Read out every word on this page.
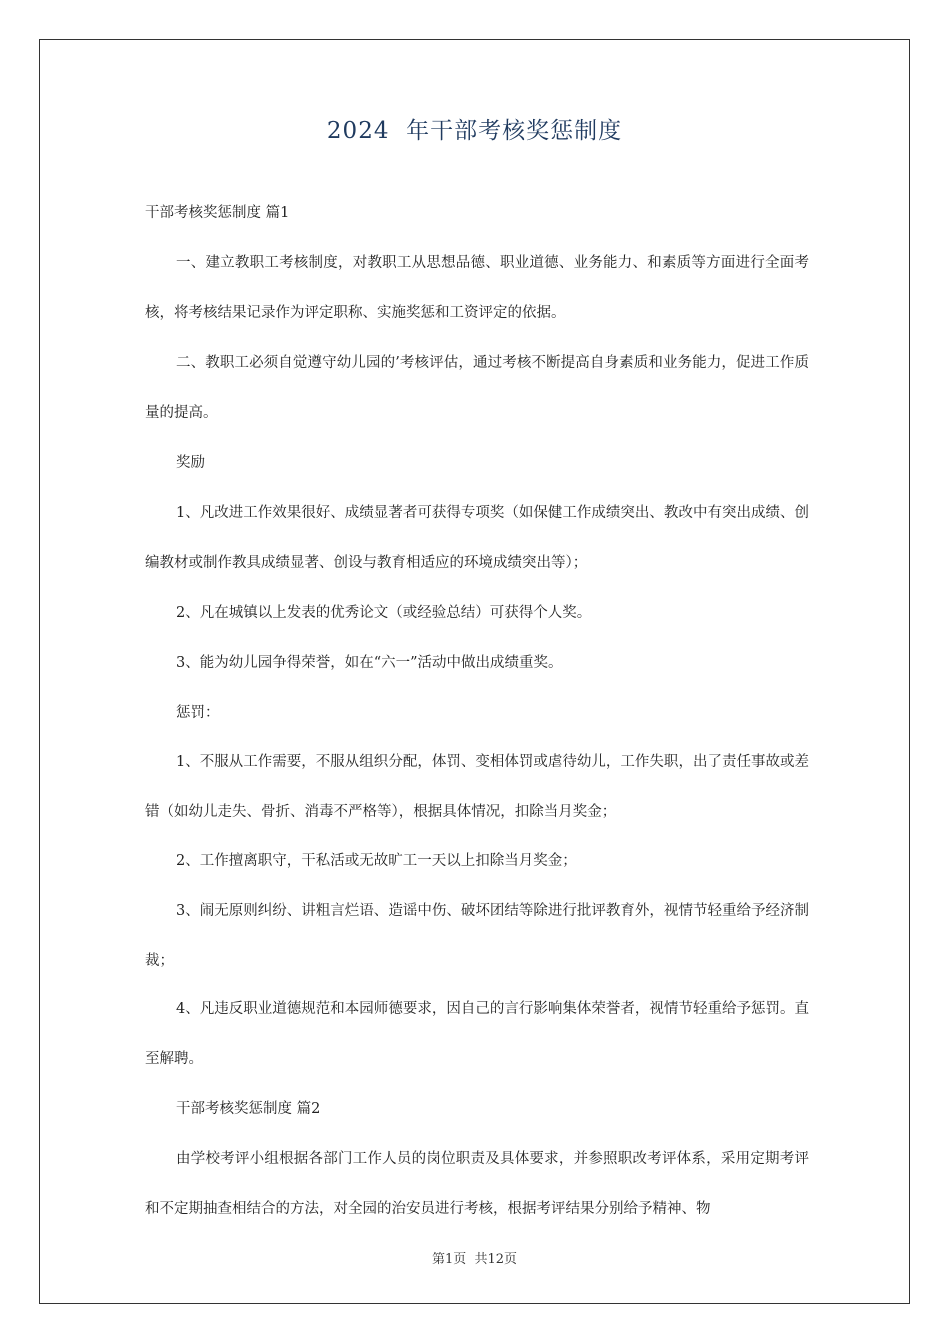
2024  年干部考核奖惩制度

干部考核奖惩制度 篇1

一、建立教职工考核制度，对教职工从思想品德、职业道德、业务能力、和素质等方面进行全面考核，将考核结果记录作为评定职称、实施奖惩和工资评定的依据。

二、教职工必须自觉遵守幼儿园的’考核评估，通过考核不断提高自身素质和业务能力，促进工作质量的提高。

奖励

1、凡改进工作效果很好、成绩显著者可获得专项奖（如保健工作成绩突出、教改中有突出成绩、创编教材或制作教具成绩显著、创设与教育相适应的环境成绩突出等）；

2、凡在城镇以上发表的优秀论文（或经验总结）可获得个人奖。

3、能为幼儿园争得荣誉，如在“六一”活动中做出成绩重奖。

惩罚：

1、不服从工作需要，不服从组织分配，体罚、变相体罚或虐待幼儿，工作失职，出了责任事故或差错（如幼儿走失、骨折、消毒不严格等），根据具体情况，扣除当月奖金；

2、工作擅离职守，干私活或无故旷工一天以上扣除当月奖金；

3、闹无原则纠纷、讲粗言烂语、造谣中伤、破坏团结等除进行批评教育外，视情节轻重给予经济制裁；

4、凡违反职业道德规范和本园师德要求，因自己的言行影响集体荣誉者，视情节轻重给予惩罚。直至解聘。

干部考核奖惩制度 篇2

由学校考评小组根据各部门工作人员的岗位职责及具体要求，并参照职改考评体系，采用定期考评和不定期抽查相结合的方法，对全园的治安员进行考核，根据考评结果分别给予精神、物

第1页  共12页
